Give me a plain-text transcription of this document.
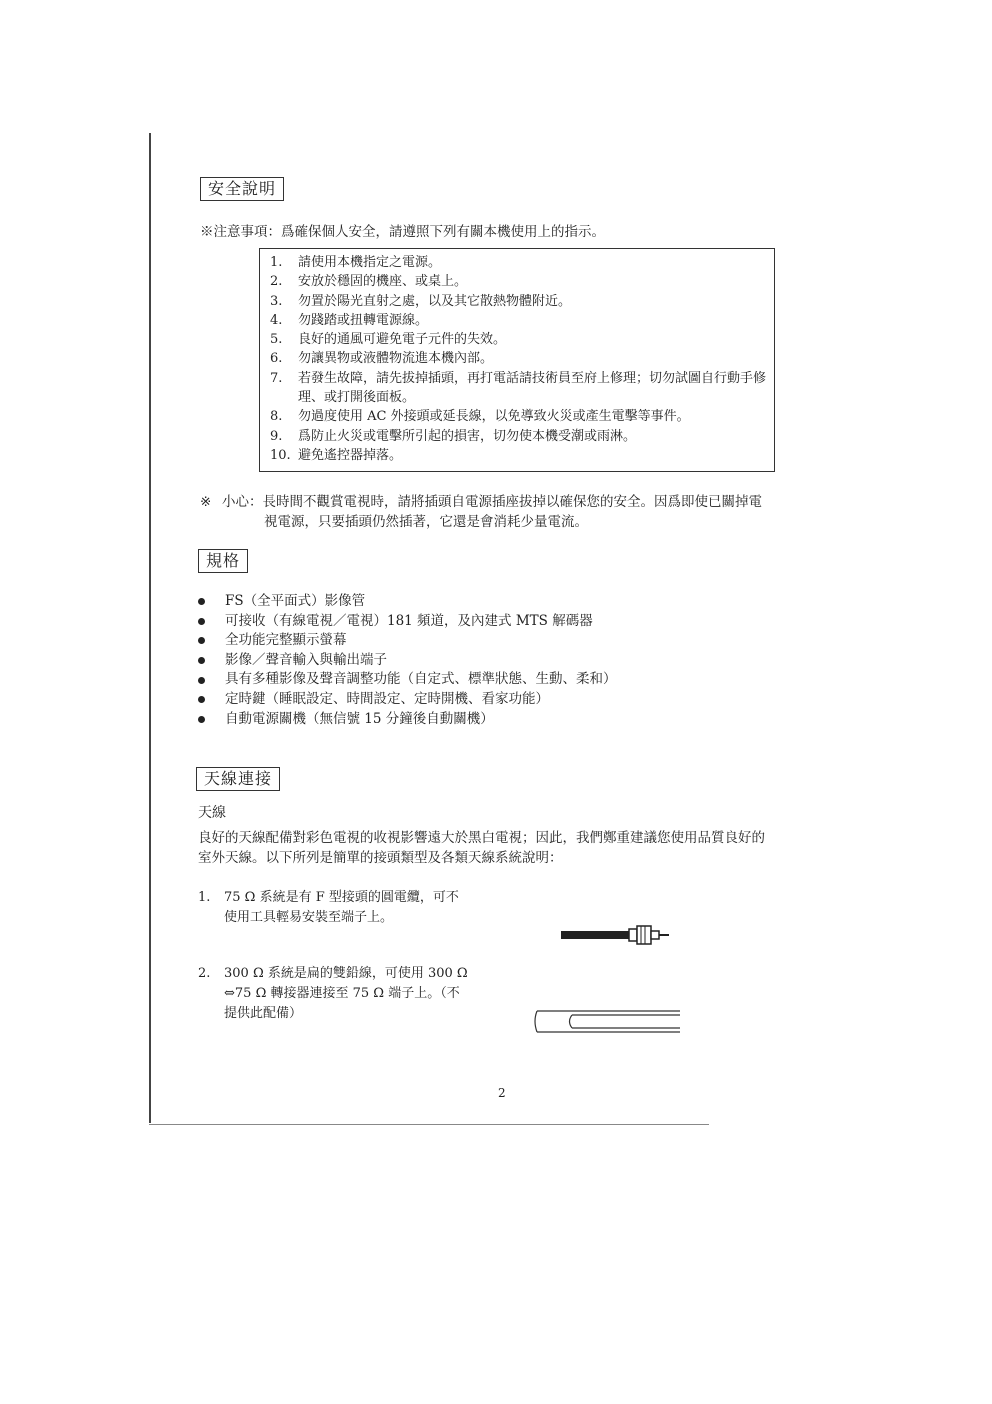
安全說明
※注意事項：爲確保個人安全，請遵照下列有關本機使用上的指示。
1.	請使用本機指定之電源。
2.	安放於穩固的機座、或桌上。
3.	勿置於陽光直射之處，以及其它散熱物體附近。
4.	勿踐踏或扭轉電源線。
5.	良好的通風可避免電子元件的失效。
6.	勿讓異物或液體物流進本機內部。
7.	若發生故障，請先拔掉插頭，再打電話請技術員至府上修理；切勿試圖自行動手修理、或打開後面板。
8.	勿過度使用 AC 外接頭或延長線，以免導致火災或產生電擊等事件。
9.	爲防止火災或電擊所引起的損害，切勿使本機受潮或雨淋。
10. 避免遙控器掉落。
※ 小心：長時間不觀賞電視時，請將插頭自電源插座拔掉以確保您的安全。因爲即使已關掉電
視電源，只要插頭仍然插著，它還是會消耗少量電流。
規格
FS（全平面式）影像管
可接收（有線電視／電視）181 頻道，及內建式 MTS 解碼器
全功能完整顯示螢幕
影像／聲音輸入與輸出端子
具有多種影像及聲音調整功能（自定式、標準狀態、生動、柔和）
定時鍵（睡眠設定、時間設定、定時開機、看家功能）
自動電源關機（無信號 15 分鐘後自動關機）
天線連接
天線
良好的天線配備對彩色電視的收視影響遠大於黑白電視；因此，我們鄭重建議您使用品質良好的
室外天線。以下所列是簡單的接頭類型及各類天線系統說明：
1.	75 Ω 系統是有 F 型接頭的圓電纜，可不
使用工具輕易安裝至端子上。
2.	300 Ω 系統是扁的雙鉛線，可使用 300 Ω
⇔75 Ω 轉接器連接至 75 Ω 端子上。（不
提供此配備）
2
